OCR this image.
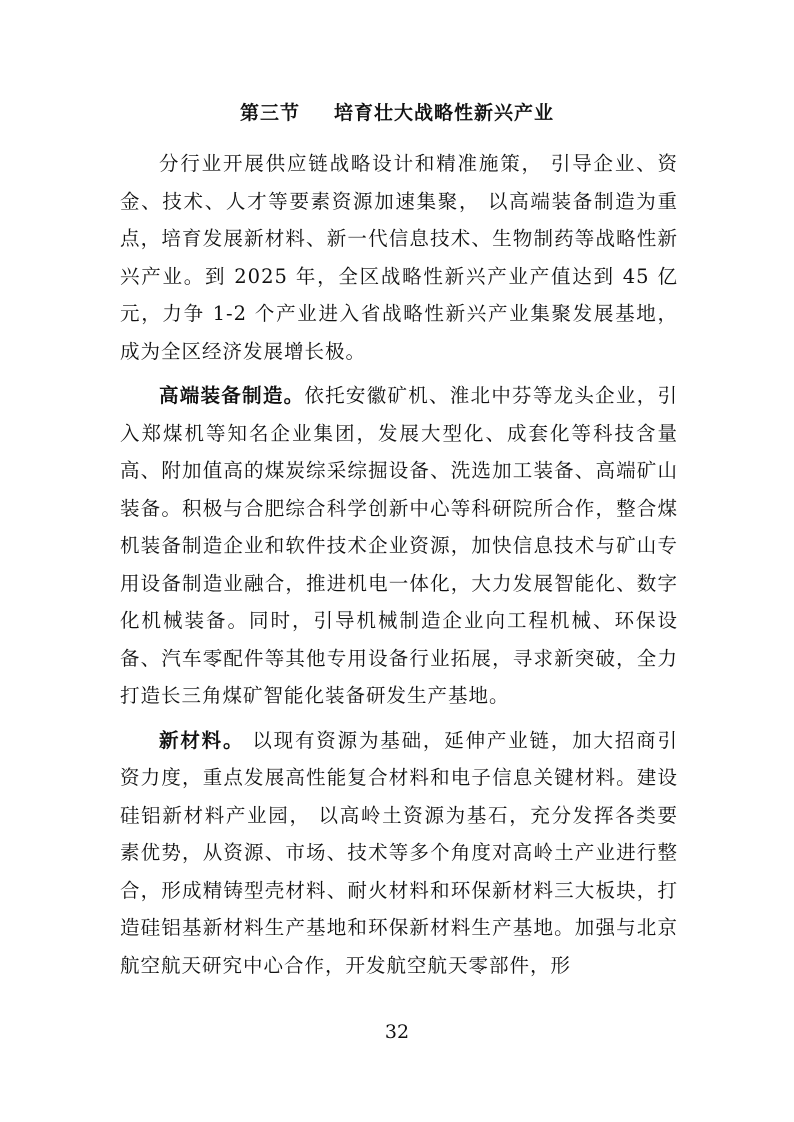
第三节 培育壮大战略性新兴产业

分行业开展供应链战略设计和精准施策， 引导企业、资金、技术、人才等要素资源加速集聚， 以高端装备制造为重点，培育发展新材料、新一代信息技术、生物制药等战略性新兴产业。到 2025 年，全区战略性新兴产业产值达到 45 亿元，力争 1-2 个产业进入省战略性新兴产业集聚发展基地，成为全区经济发展增长极。

高端装备制造。依托安徽矿机、淮北中芬等龙头企业，引入郑煤机等知名企业集团，发展大型化、成套化等科技含量高、附加值高的煤炭综采综掘设备、洗选加工装备、高端矿山装备。积极与合肥综合科学创新中心等科研院所合作，整合煤机装备制造企业和软件技术企业资源，加快信息技术与矿山专用设备制造业融合，推进机电一体化，大力发展智能化、数字化机械装备。同时，引导机械制造企业向工程机械、环保设备、汽车零配件等其他专用设备行业拓展，寻求新突破，全力打造长三角煤矿智能化装备研发生产基地。

新材料。 以现有资源为基础，延伸产业链，加大招商引资力度，重点发展高性能复合材料和电子信息关键材料。建设硅铝新材料产业园， 以高岭土资源为基石，充分发挥各类要素优势，从资源、市场、技术等多个角度对高岭土产业进行整合，形成精铸型壳材料、耐火材料和环保新材料三大板块，打造硅铝基新材料生产基地和环保新材料生产基地。加强与北京航空航天研究中心合作，开发航空航天零部件，形

32
